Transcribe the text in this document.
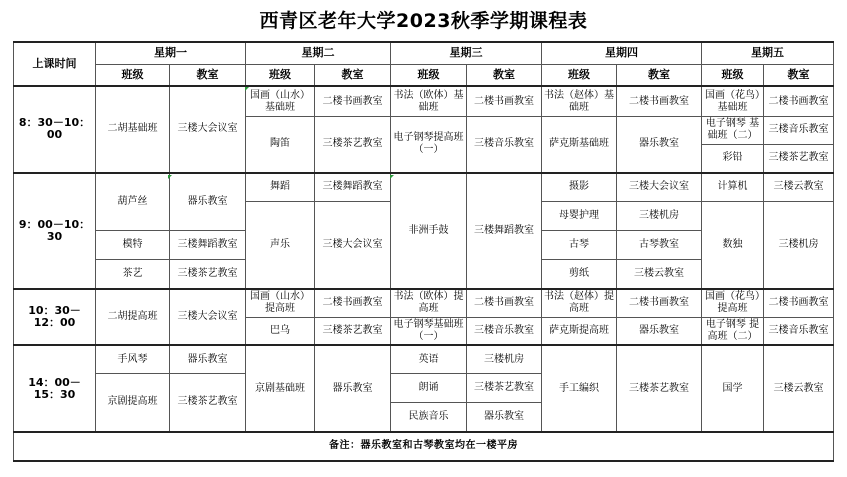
西青区老年大学2023秋季学期课程表
上课时间	星期一		星期二		星期三		星期四		星期五	
	班级	教室	班级	教室	班级	教室	班级	教室	班级	教室
8：30－10：00	二胡基础班	三楼大会议室	国画（山水）基础班	二楼书画教室	书法（欧体）基础班	二楼书画教室	书法（赵体）基础班	二楼书画教室	国画（花鸟）基础班	二楼书画教室

			陶笛	三楼茶艺教室	电子钢琴提高班（一）	三楼音乐教室	萨克斯基础班	器乐教室	电子钢琴 基础班（二）	三楼音乐教室

									彩铅	三楼茶艺教室

9：00－10：30	葫芦丝	器乐教室	舞蹈	三楼舞蹈教室	非洲手鼓	三楼舞蹈教室	摄影	三楼大会议室	计算机	三楼云教室
			声乐	三楼大会议室			母婴护理	三楼机房	数独	三楼机房
	模特	三楼舞蹈教室					古琴	古琴教室		
	茶艺	三楼茶艺教室					剪纸	三楼云教室		
10：30－12：00	二胡提高班	三楼大会议室	国画（山水）提高班	二楼书画教室	书法（欧体）提高班	二楼书画教室	书法（赵体）提高班	二楼书画教室	国画（花鸟）提高班	二楼书画教室
			巴乌	三楼茶艺教室	电子钢琴基础班（一）	三楼音乐教室	萨克斯提高班	器乐教室	电子钢琴 提高班（二）	三楼音乐教室
14：00－15：30	手风琴	器乐教室	京剧基础班	器乐教室	英语	三楼机房	手工编织	三楼茶艺教室	国学	三楼云教室
	京剧提高班	三楼茶艺教室			朗诵	三楼茶艺教室				
					民族音乐	器乐教室				
备注：器乐教室和古琴教室均在一楼平房										
